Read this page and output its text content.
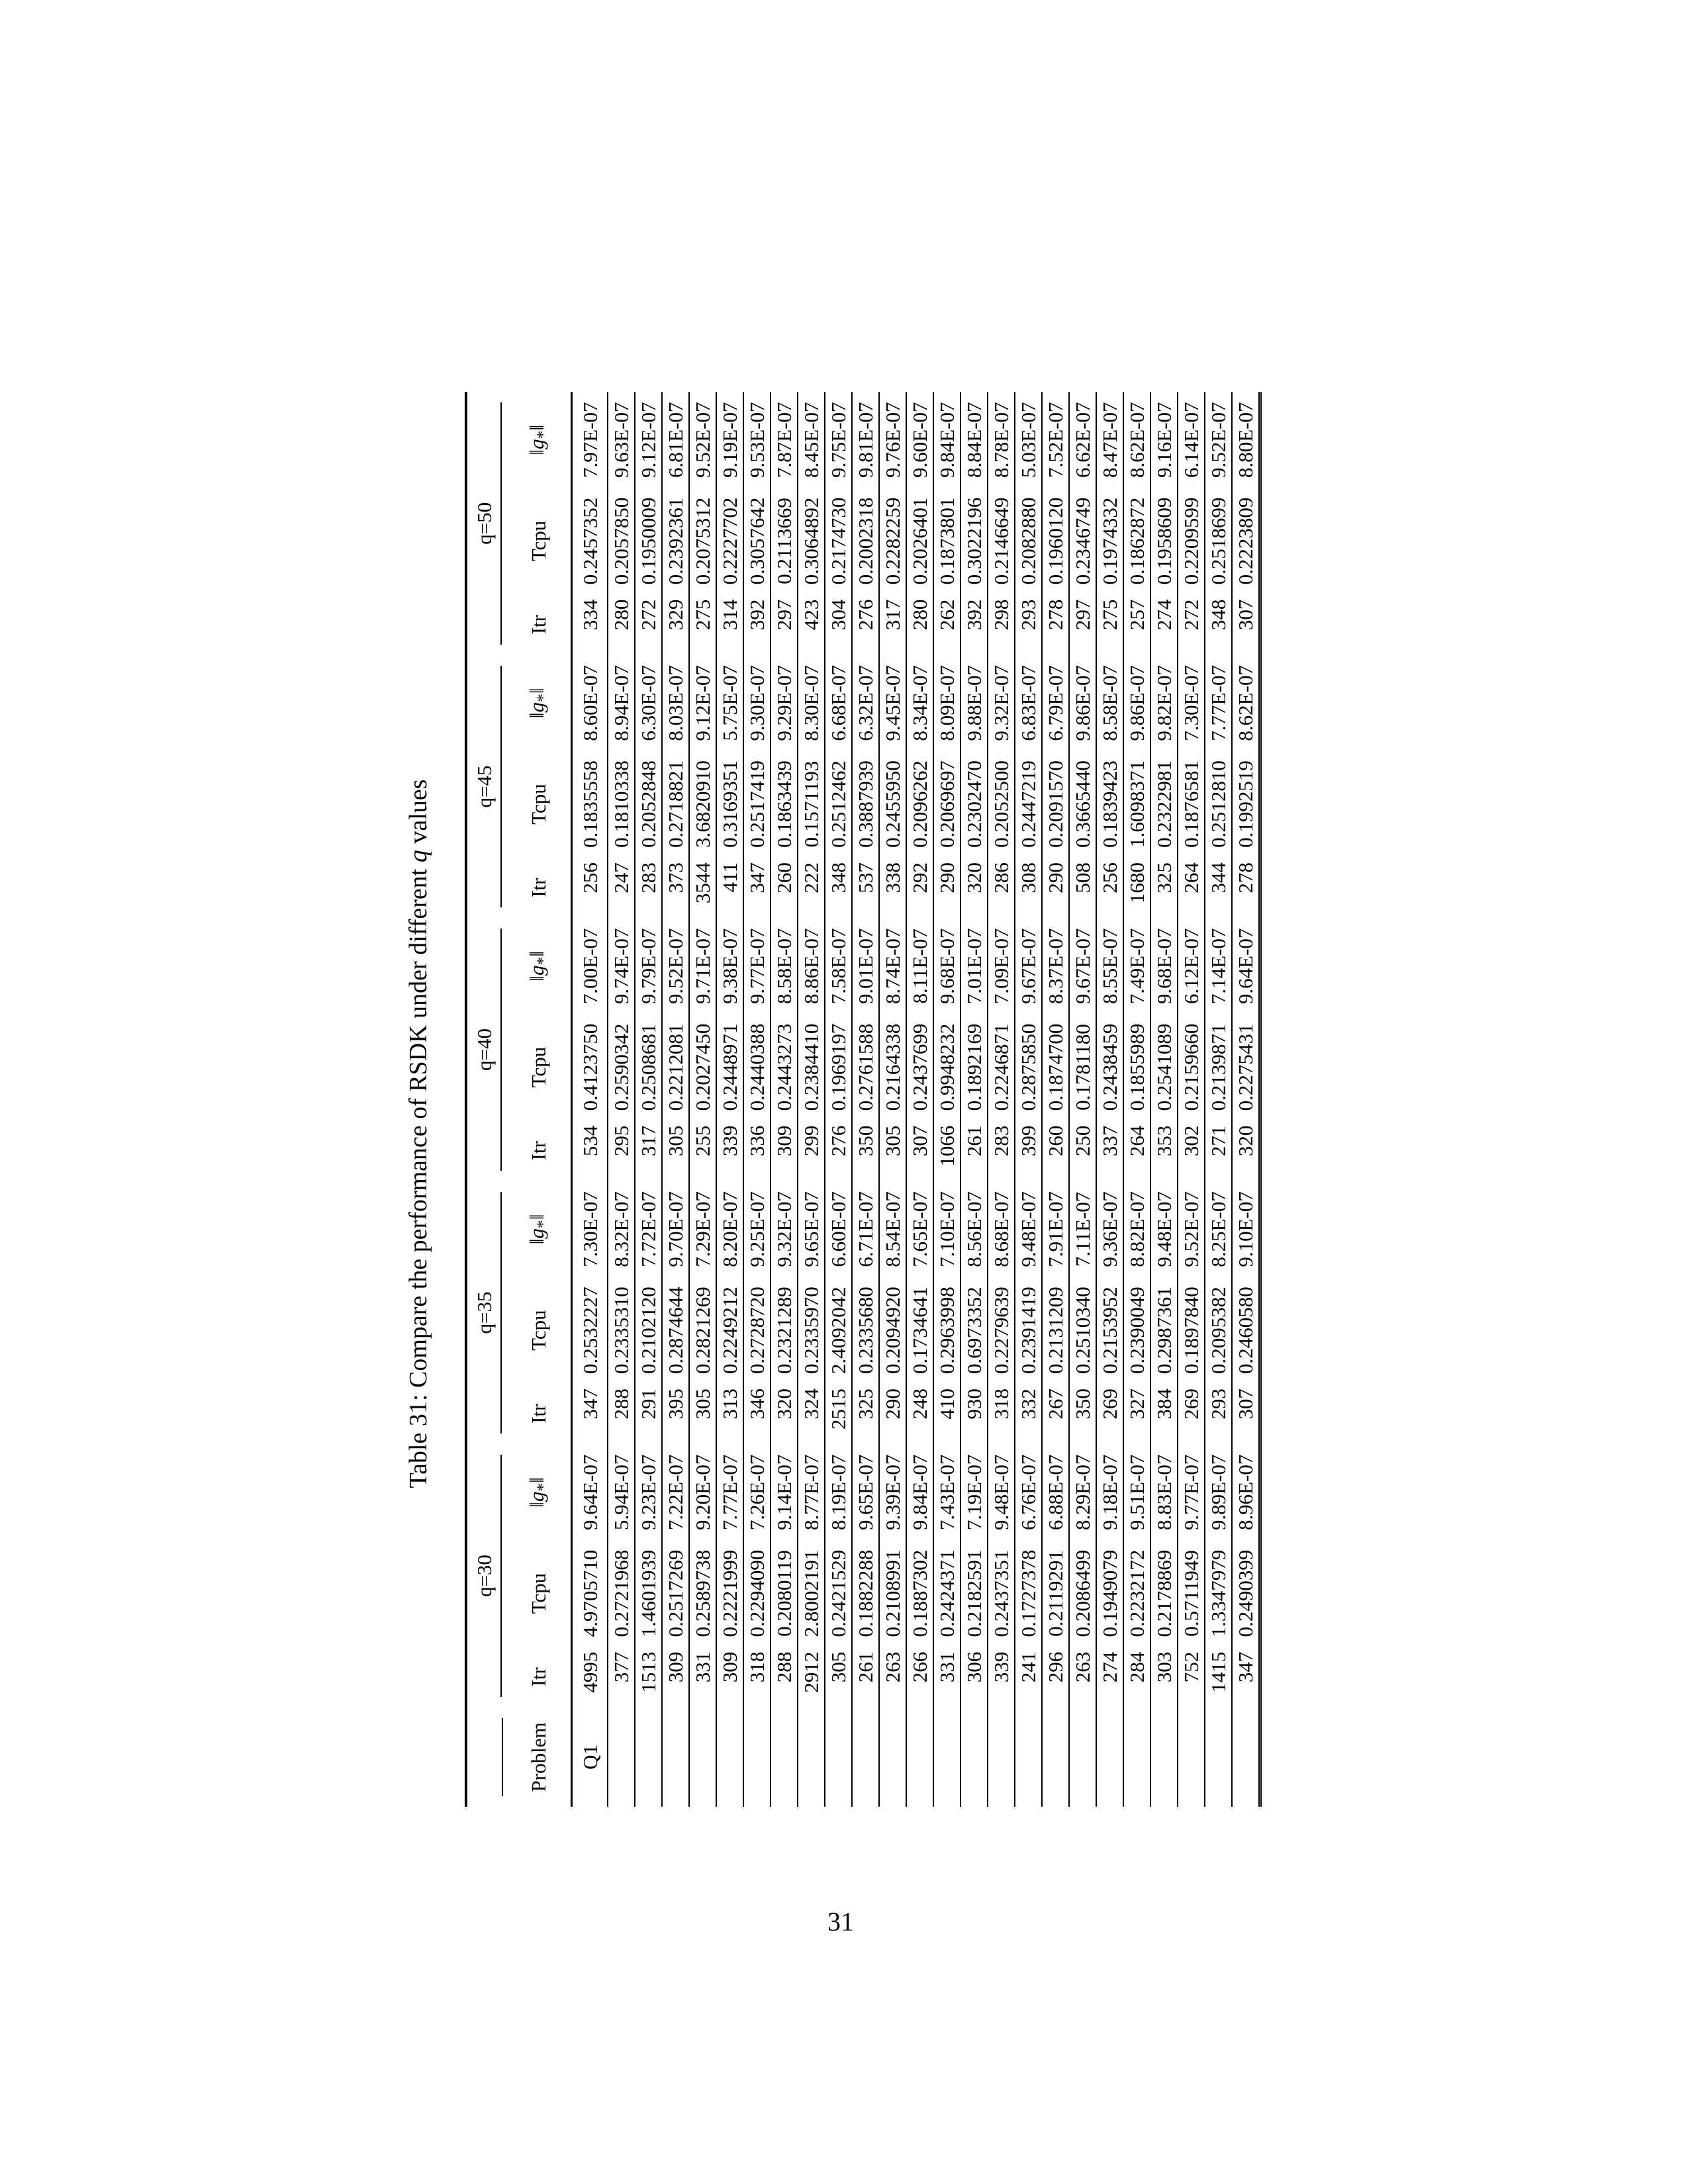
Table 31: Compare the performance of RSDK under different q values

	q=30			q=35			q=40			q=45			q=50		

Problem	Itr	Tcpu	$‖g_*‖$	Itr	Tcpu	$‖g_*‖$	Itr	Tcpu	$‖g_*‖$	Itr	Tcpu	$‖g_*‖$	Itr	Tcpu	$‖g_*‖$
Q1	4995	4.9705710	9.64E-07	347	0.2532227	7.30E-07	534	0.4123750	7.00E-07	256	0.1835558	8.60E-07	334	0.2457352	7.97E-07
	377	0.2721968	5.94E-07	288	0.2335310	8.32E-07	295	0.2590342	9.74E-07	247	0.1810338	8.94E-07	280	0.2057850	9.63E-07
	1513	1.4601939	9.23E-07	291	0.2102120	7.72E-07	317	0.2508681	9.79E-07	283	0.2052848	6.30E-07	272	0.1950009	9.12E-07
	309	0.2517269	7.22E-07	395	0.2874644	9.70E-07	305	0.2212081	9.52E-07	373	0.2718821	8.03E-07	329	0.2392361	6.81E-07
	331	0.2589738	9.20E-07	305	0.2821269	7.29E-07	255	0.2027450	9.71E-07	3544	3.6820910	9.12E-07	275	0.2075312	9.52E-07
	309	0.2221999	7.77E-07	313	0.2249212	8.20E-07	339	0.2448971	9.38E-07	411	0.3169351	5.75E-07	314	0.2227702	9.19E-07
	318	0.2294090	7.26E-07	346	0.2728720	9.25E-07	336	0.2440388	9.77E-07	347	0.2517419	9.30E-07	392	0.3057642	9.53E-07
	288	0.2080119	9.14E-07	320	0.2321289	9.32E-07	309	0.2443273	8.58E-07	260	0.1863439	9.29E-07	297	0.2113669	7.87E-07
	2912	2.8002191	8.77E-07	324	0.2335970	9.65E-07	299	0.2384410	8.86E-07	222	0.1571193	8.30E-07	423	0.3064892	8.45E-07
	305	0.2421529	8.19E-07	2515	2.4092042	6.60E-07	276	0.1969197	7.58E-07	348	0.2512462	6.68E-07	304	0.2174730	9.75E-07
	261	0.1882288	9.65E-07	325	0.2335680	6.71E-07	350	0.2761588	9.01E-07	537	0.3887939	6.32E-07	276	0.2002318	9.81E-07
	263	0.2108991	9.39E-07	290	0.2094920	8.54E-07	305	0.2164338	8.74E-07	338	0.2455950	9.45E-07	317	0.2282259	9.76E-07
	266	0.1887302	9.84E-07	248	0.1734641	7.65E-07	307	0.2437699	8.11E-07	292	0.2096262	8.34E-07	280	0.2026401	9.60E-07
	331	0.2424371	7.43E-07	410	0.2963998	7.10E-07	1066	0.9948232	9.68E-07	290	0.2069697	8.09E-07	262	0.1873801	9.84E-07
	306	0.2182591	7.19E-07	930	0.6973352	8.56E-07	261	0.1892169	7.01E-07	320	0.2302470	9.88E-07	392	0.3022196	8.84E-07
	339	0.2437351	9.48E-07	318	0.2279639	8.68E-07	283	0.2246871	7.09E-07	286	0.2052500	9.32E-07	298	0.2146649	8.78E-07
	241	0.1727378	6.76E-07	332	0.2391419	9.48E-07	399	0.2875850	9.67E-07	308	0.2447219	6.83E-07	293	0.2082880	5.03E-07
	296	0.2119291	6.88E-07	267	0.2131209	7.91E-07	260	0.1874700	8.37E-07	290	0.2091570	6.79E-07	278	0.1960120	7.52E-07
	263	0.2086499	8.29E-07	350	0.2510340	7.11E-07	250	0.1781180	9.67E-07	508	0.3665440	9.86E-07	297	0.2346749	6.62E-07
	274	0.1949079	9.18E-07	269	0.2153952	9.36E-07	337	0.2438459	8.55E-07	256	0.1839423	8.58E-07	275	0.1974332	8.47E-07
	284	0.2232172	9.51E-07	327	0.2390049	8.82E-07	264	0.1855989	7.49E-07	1680	1.6098371	9.86E-07	257	0.1862872	8.62E-07
	303	0.2178869	8.83E-07	384	0.2987361	9.48E-07	353	0.2541089	9.68E-07	325	0.2322981	9.82E-07	274	0.1958609	9.16E-07
	752	0.5711949	9.77E-07	269	0.1897840	9.52E-07	302	0.2159660	6.12E-07	264	0.1876581	7.30E-07	272	0.2209599	6.14E-07
	1415	1.3347979	9.89E-07	293	0.2095382	8.25E-07	271	0.2139871	7.14E-07	344	0.2512810	7.77E-07	348	0.2518699	9.52E-07
	347	0.2490399	8.96E-07	307	0.2460580	9.10E-07	320	0.2275431	9.64E-07	278	0.1992519	8.62E-07	307	0.2223809	8.80E-07
31
